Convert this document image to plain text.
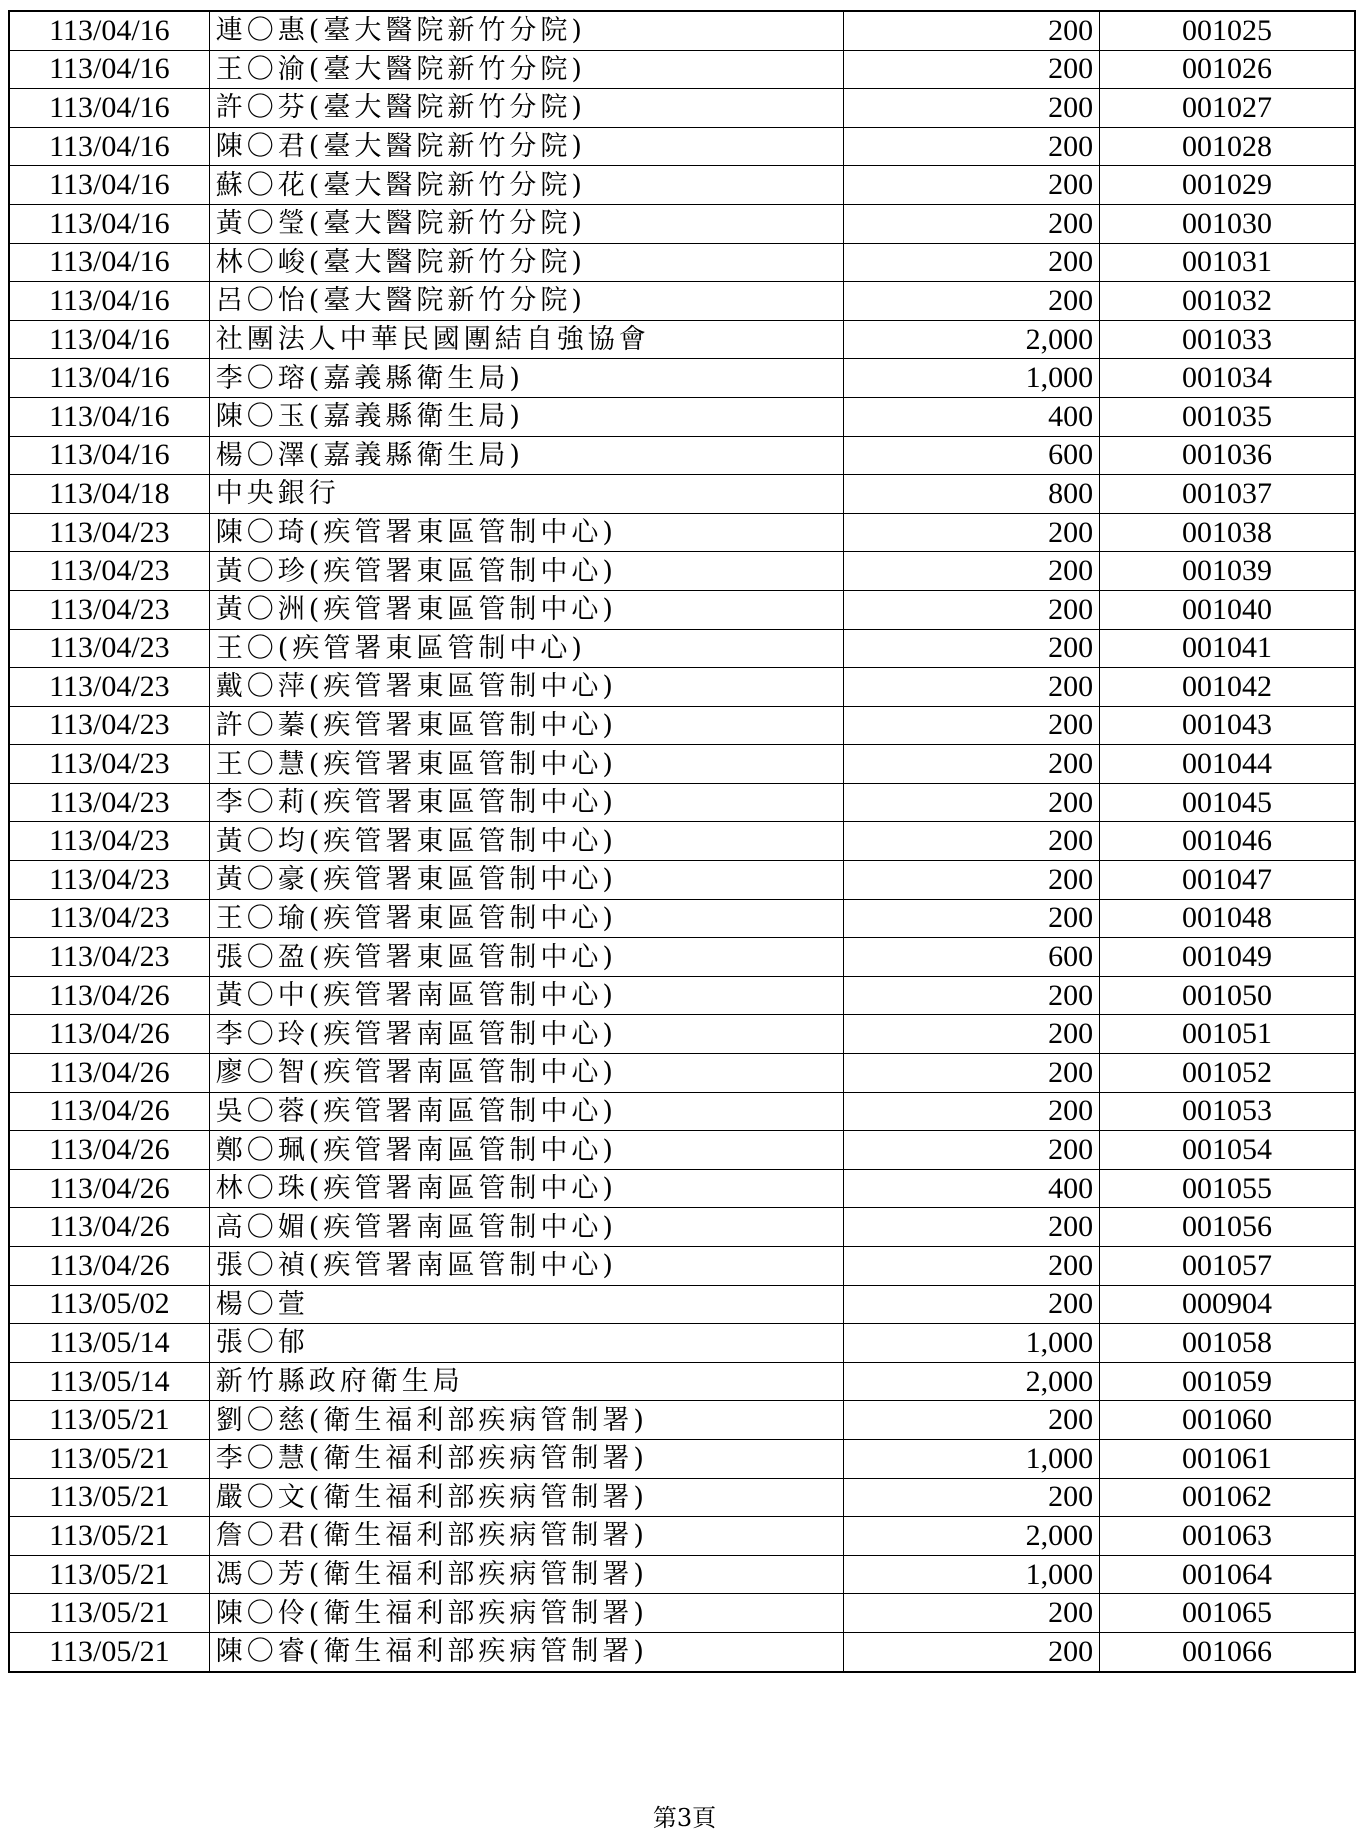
113/04/16	連〇惠(臺大醫院新竹分院)	200	001025
113/04/16	王〇渝(臺大醫院新竹分院)	200	001026
113/04/16	許〇芬(臺大醫院新竹分院)	200	001027
113/04/16	陳〇君(臺大醫院新竹分院)	200	001028
113/04/16	蘇〇花(臺大醫院新竹分院)	200	001029
113/04/16	黃〇瑩(臺大醫院新竹分院)	200	001030
113/04/16	林〇峻(臺大醫院新竹分院)	200	001031
113/04/16	呂〇怡(臺大醫院新竹分院)	200	001032
113/04/16	社團法人中華民國團結自強協會	2,000	001033
113/04/16	李〇瑢(嘉義縣衛生局)	1,000	001034
113/04/16	陳〇玉(嘉義縣衛生局)	400	001035
113/04/16	楊〇澤(嘉義縣衛生局)	600	001036
113/04/18	中央銀行	800	001037
113/04/23	陳〇琦(疾管署東區管制中心)	200	001038
113/04/23	黃〇珍(疾管署東區管制中心)	200	001039
113/04/23	黃〇洲(疾管署東區管制中心)	200	001040
113/04/23	王〇(疾管署東區管制中心)	200	001041
113/04/23	戴〇萍(疾管署東區管制中心)	200	001042
113/04/23	許〇蓁(疾管署東區管制中心)	200	001043
113/04/23	王〇慧(疾管署東區管制中心)	200	001044
113/04/23	李〇莉(疾管署東區管制中心)	200	001045
113/04/23	黃〇均(疾管署東區管制中心)	200	001046
113/04/23	黃〇豪(疾管署東區管制中心)	200	001047
113/04/23	王〇瑜(疾管署東區管制中心)	200	001048
113/04/23	張〇盈(疾管署東區管制中心)	600	001049
113/04/26	黃〇中(疾管署南區管制中心)	200	001050
113/04/26	李〇玲(疾管署南區管制中心)	200	001051
113/04/26	廖〇智(疾管署南區管制中心)	200	001052
113/04/26	吳〇蓉(疾管署南區管制中心)	200	001053
113/04/26	鄭〇珮(疾管署南區管制中心)	200	001054
113/04/26	林〇珠(疾管署南區管制中心)	400	001055
113/04/26	高〇媚(疾管署南區管制中心)	200	001056
113/04/26	張〇禎(疾管署南區管制中心)	200	001057
113/05/02	楊〇萱	200	000904
113/05/14	張〇郁	1,000	001058
113/05/14	新竹縣政府衛生局	2,000	001059
113/05/21	劉〇慈(衛生福利部疾病管制署)	200	001060
113/05/21	李〇慧(衛生福利部疾病管制署)	1,000	001061
113/05/21	嚴〇文(衛生福利部疾病管制署)	200	001062
113/05/21	詹〇君(衛生福利部疾病管制署)	2,000	001063
113/05/21	馮〇芳(衛生福利部疾病管制署)	1,000	001064
113/05/21	陳〇伶(衛生福利部疾病管制署)	200	001065
113/05/21	陳〇睿(衛生福利部疾病管制署)	200	001066
第3頁
